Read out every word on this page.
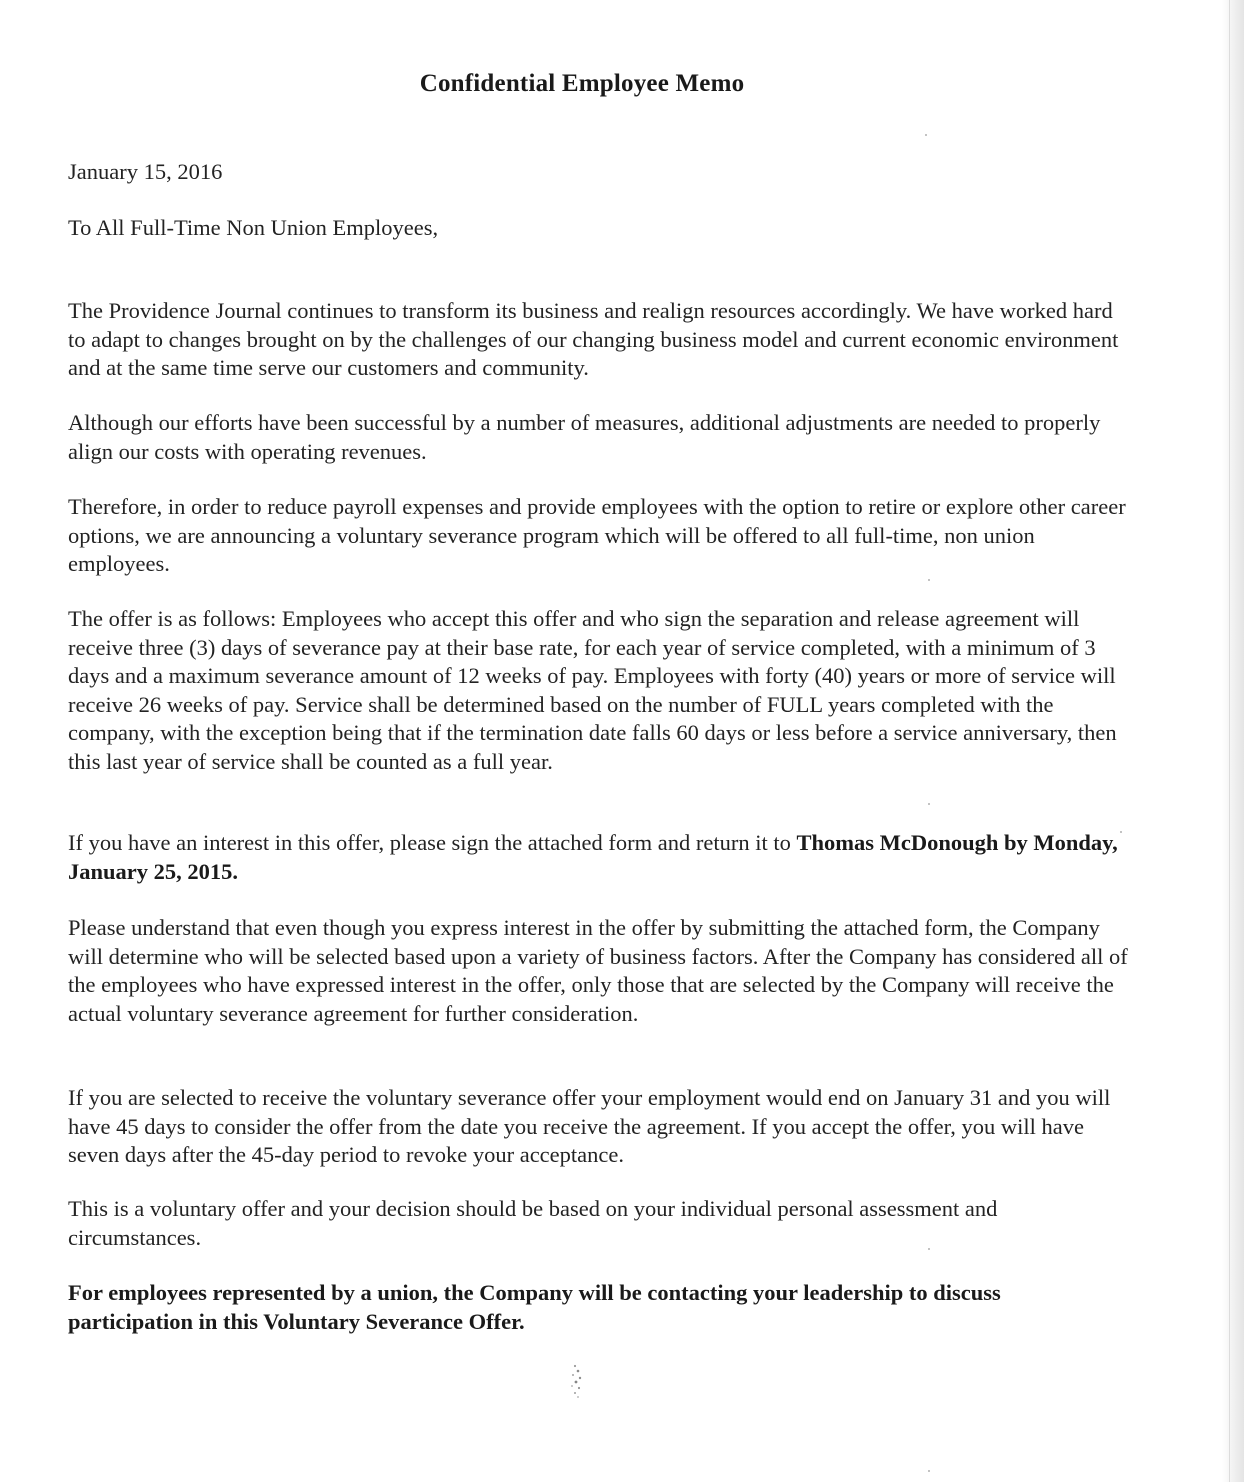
Confidential Employee Memo
January 15, 2016
To All Full-Time Non Union Employees,

The Providence Journal continues to transform its business and realign resources accordingly. We have worked hard to adapt to changes brought on by the challenges of our changing business model and current economic environment and at the same time serve our customers and community.

Although our efforts have been successful by a number of measures, additional adjustments are needed to properly align our costs with operating revenues.

Therefore, in order to reduce payroll expenses and provide employees with the option to retire or explore other career options, we are announcing a voluntary severance program which will be offered to all full-time, non union employees.

The offer is as follows: Employees who accept this offer and who sign the separation and release agreement will receive three (3) days of severance pay at their base rate, for each year of service completed, with a minimum of 3 days and a maximum severance amount of 12 weeks of pay. Employees with forty (40) years or more of service will receive 26 weeks of pay. Service shall be determined based on the number of FULL years completed with the company, with the exception being that if the termination date falls 60 days or less before a service anniversary, then this last year of service shall be counted as a full year.

If you have an interest in this offer, please sign the attached form and return it to Thomas McDonough by Monday, January 25, 2015.

Please understand that even though you express interest in the offer by submitting the attached form, the Company will determine who will be selected based upon a variety of business factors. After the Company has considered all of the employees who have expressed interest in the offer, only those that are selected by the Company will receive the actual voluntary severance agreement for further consideration.

If you are selected to receive the voluntary severance offer your employment would end on January 31 and you will have 45 days to consider the offer from the date you receive the agreement. If you accept the offer, you will have seven days after the 45-day period to revoke your acceptance.

This is a voluntary offer and your decision should be based on your individual personal assessment and circumstances.

For employees represented by a union, the Company will be contacting your leadership to discuss participation in this Voluntary Severance Offer.
